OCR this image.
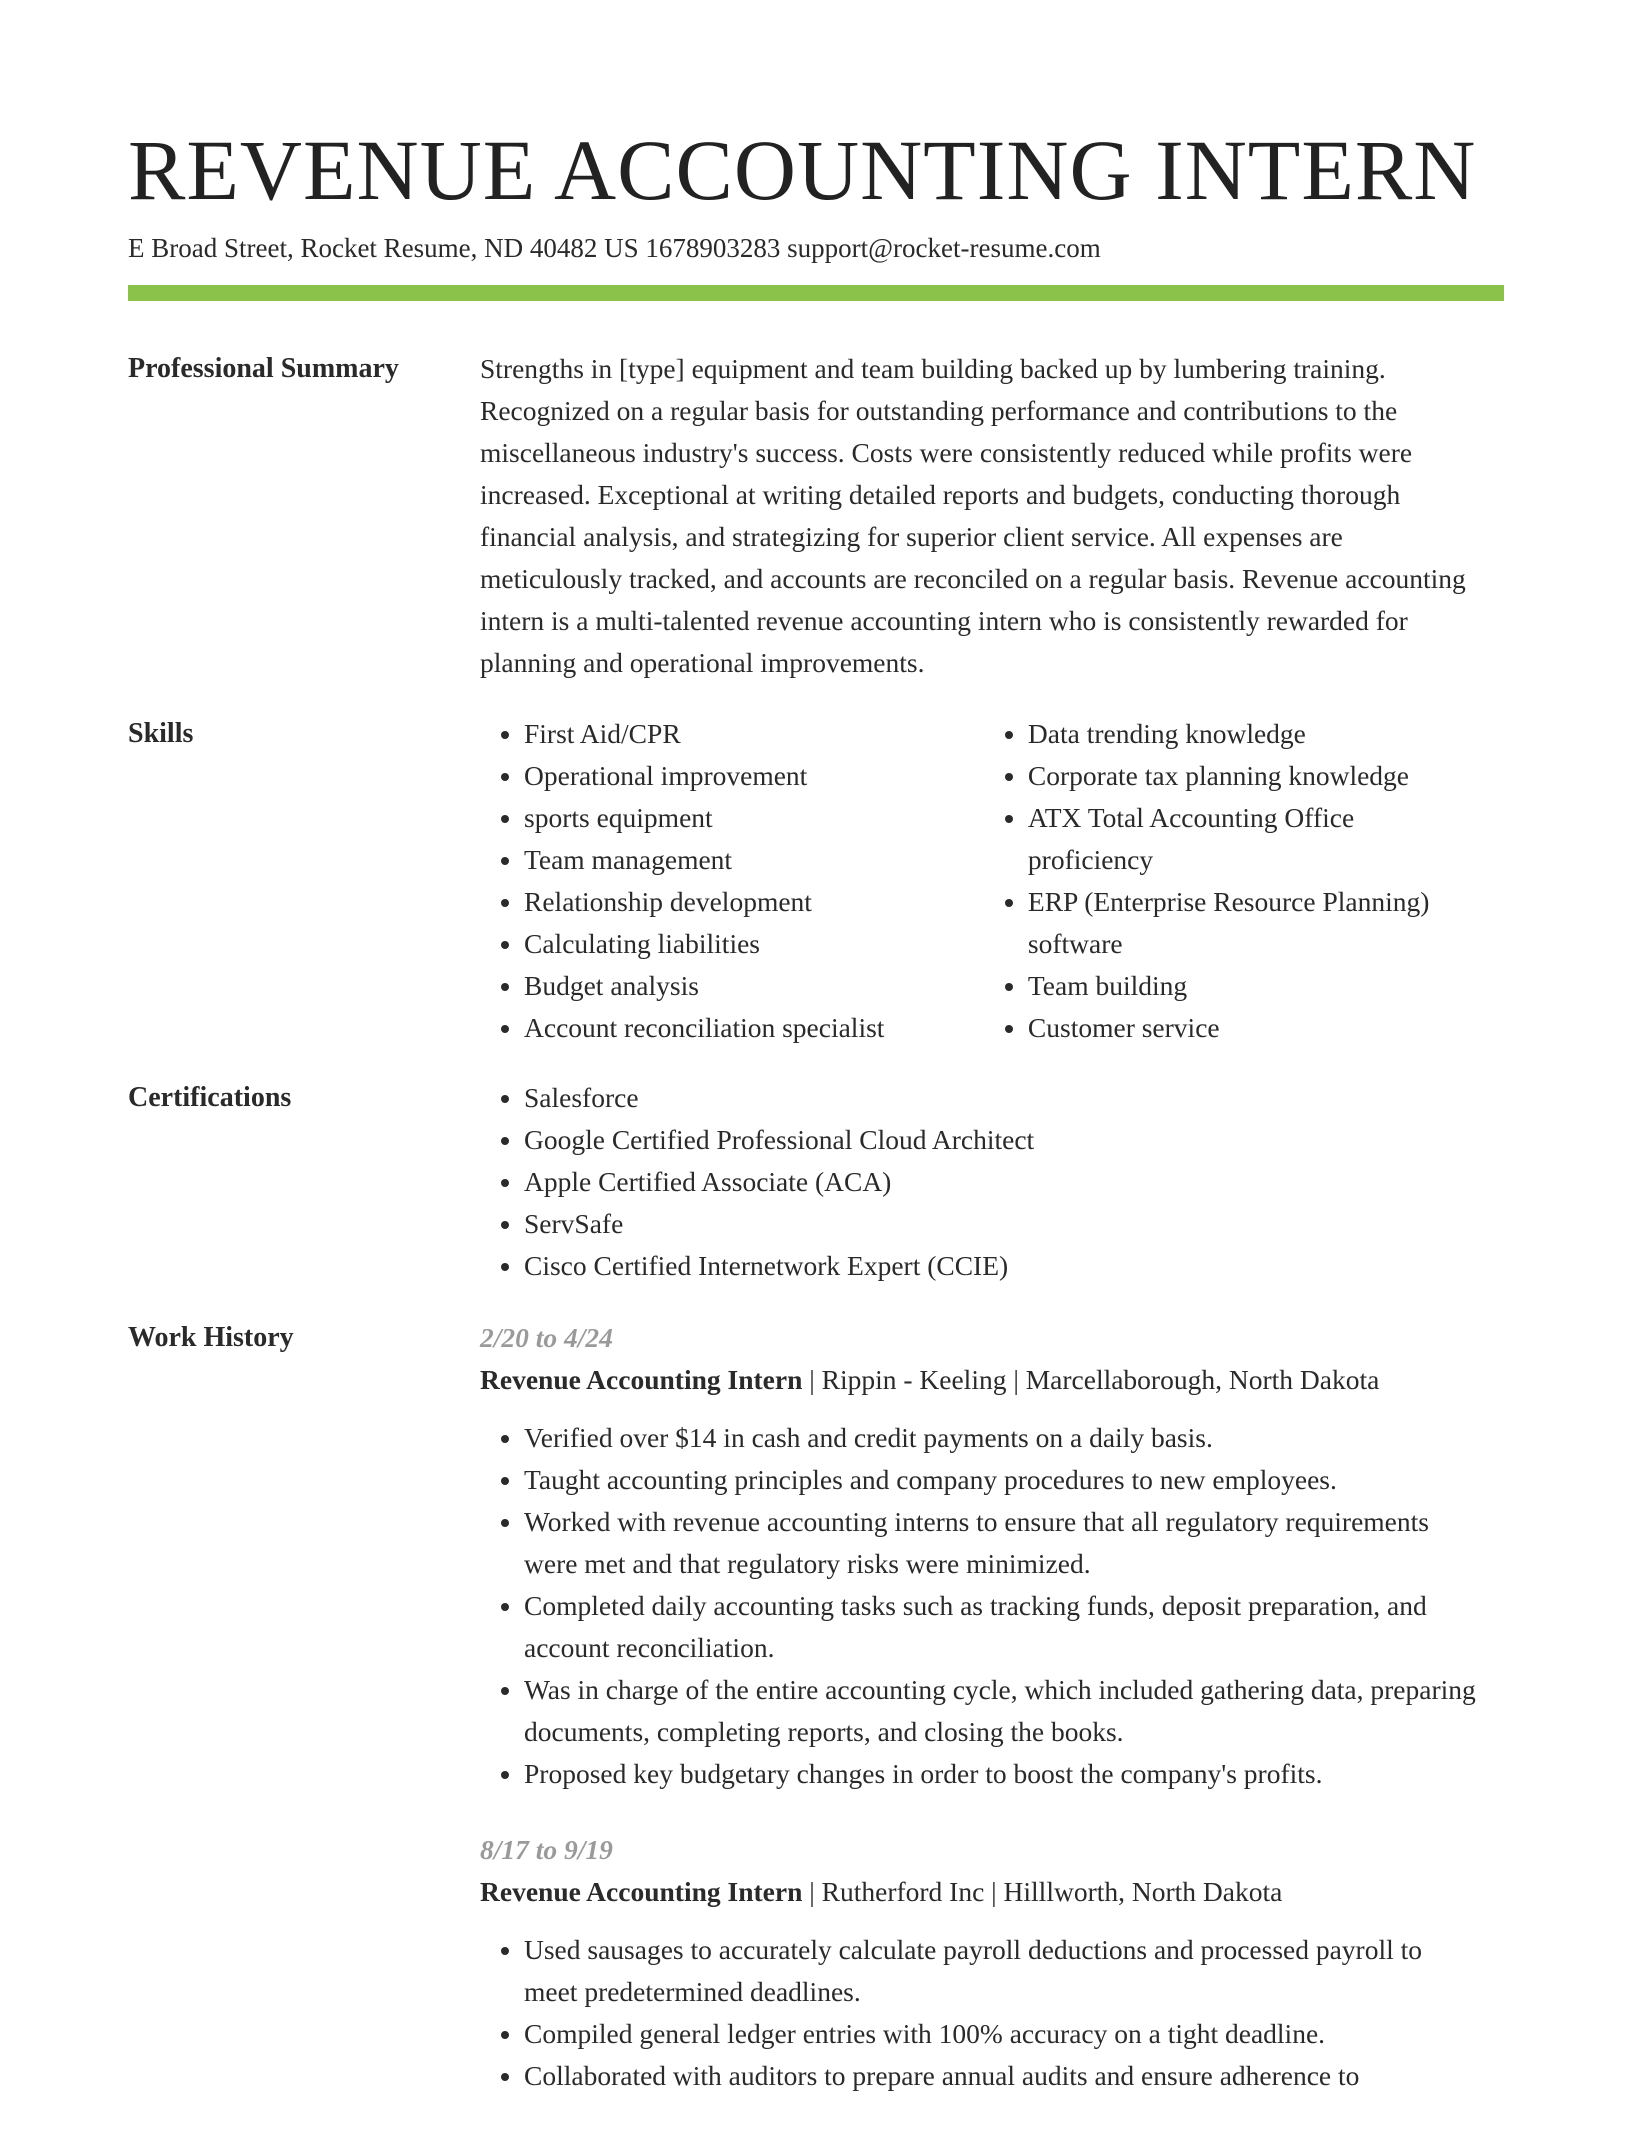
REVENUE ACCOUNTING INTERN
E Broad Street, Rocket Resume, ND 40482 US 1678903283 support@rocket-resume.com
Professional Summary	Strengths in [type] equipment and team building backed up by lumbering training. Recognized on a regular basis for outstanding performance and contributions to the miscellaneous industry's success. Costs were consistently reduced while profits were increased. Exceptional at writing detailed reports and budgets, conducting thorough financial analysis, and strategizing for superior client service. All expenses are meticulously tracked, and accounts are reconciled on a regular basis. Revenue accounting intern is a multi-talented revenue accounting intern who is consistently rewarded for planning and operational improvements.

Skills	• First Aid/CPR
• Operational improvement
• sports equipment
• Team management
• Relationship development
• Calculating liabilities
• Budget analysis
• Account reconciliation specialist
• Data trending knowledge
• Corporate tax planning knowledge
• ATX Total Accounting Office proficiency
• ERP (Enterprise Resource Planning) software
• Team building
• Customer service
Certifications	• Salesforce
• Google Certified Professional Cloud Architect
• Apple Certified Associate (ACA)
• ServSafe
• Cisco Certified Internetwork Expert (CCIE)
Work History	2/20 to 4/24
Revenue Accounting Intern | Rippin - Keeling | Marcellaborough, North Dakota
• Verified over $14 in cash and credit payments on a daily basis.
• Taught accounting principles and company procedures to new employees.
• Worked with revenue accounting interns to ensure that all regulatory requirements were met and that regulatory risks were minimized.
• Completed daily accounting tasks such as tracking funds, deposit preparation, and account reconciliation.
• Was in charge of the entire accounting cycle, which included gathering data, preparing documents, completing reports, and closing the books.
• Proposed key budgetary changes in order to boost the company's profits.
8/17 to 9/19
Revenue Accounting Intern | Rutherford Inc | Hilllworth, North Dakota
• Used sausages to accurately calculate payroll deductions and processed payroll to meet predetermined deadlines.
• Compiled general ledger entries with 100% accuracy on a tight deadline.
• Collaborated with auditors to prepare annual audits and ensure adherence to
